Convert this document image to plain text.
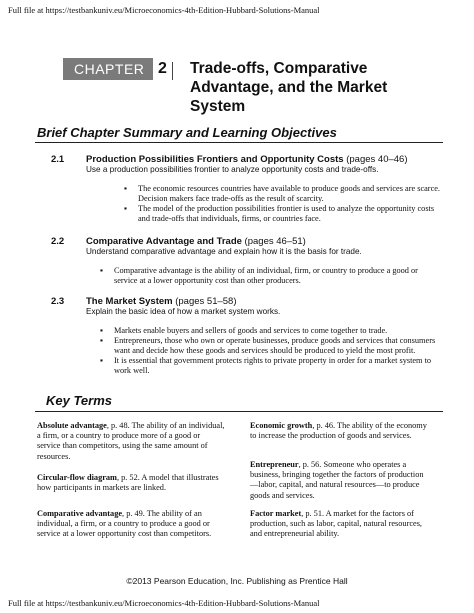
Full file at https://testbankuniv.eu/Microeconomics-4th-Edition-Hubbard-Solutions-Manual
CHAPTER 2 Trade-offs, Comparative
Advantage, and the Market
System
Brief Chapter Summary and Learning Objectives
2.1 Production Possibilities Frontiers and Opportunity Costs (pages 40–46)
Use a production possibilities frontier to analyze opportunity costs and trade-offs.
▪ The economic resources countries have available to produce goods and services are scarce. Decision makers face trade-offs as the result of scarcity.
▪ The model of the production possibilities frontier is used to analyze the opportunity costs and trade-offs that individuals, firms, or countries face.
2.2 Comparative Advantage and Trade (pages 46–51)
Understand comparative advantage and explain how it is the basis for trade.
▪ Comparative advantage is the ability of an individual, firm, or country to produce a good or service at a lower opportunity cost than other producers.
2.3 The Market System (pages 51–58)
Explain the basic idea of how a market system works.
▪ Markets enable buyers and sellers of goods and services to come together to trade.
▪ Entrepreneurs, those who own or operate businesses, produce goods and services that consumers want and decide how these goods and services should be produced to yield the most profit.
▪ It is essential that government protects rights to private property in order for a market system to work well.
Key Terms
Absolute advantage, p. 48. The ability of an individual, a firm, or a country to produce more of a good or service than competitors, using the same amount of resources.
Circular-flow diagram, p. 52. A model that illustrates how participants in markets are linked.
Comparative advantage, p. 49. The ability of an individual, a firm, or a country to produce a good or service at a lower opportunity cost than competitors.
Economic growth, p. 46. The ability of the economy to increase the production of goods and services.
Entrepreneur, p. 56. Someone who operates a business, bringing together the factors of production—labor, capital, and natural resources—to produce goods and services.
Factor market, p. 51. A market for the factors of production, such as labor, capital, natural resources, and entrepreneurial ability.
©2013 Pearson Education, Inc. Publishing as Prentice Hall
Full file at https://testbankuniv.eu/Microeconomics-4th-Edition-Hubbard-Solutions-Manual
